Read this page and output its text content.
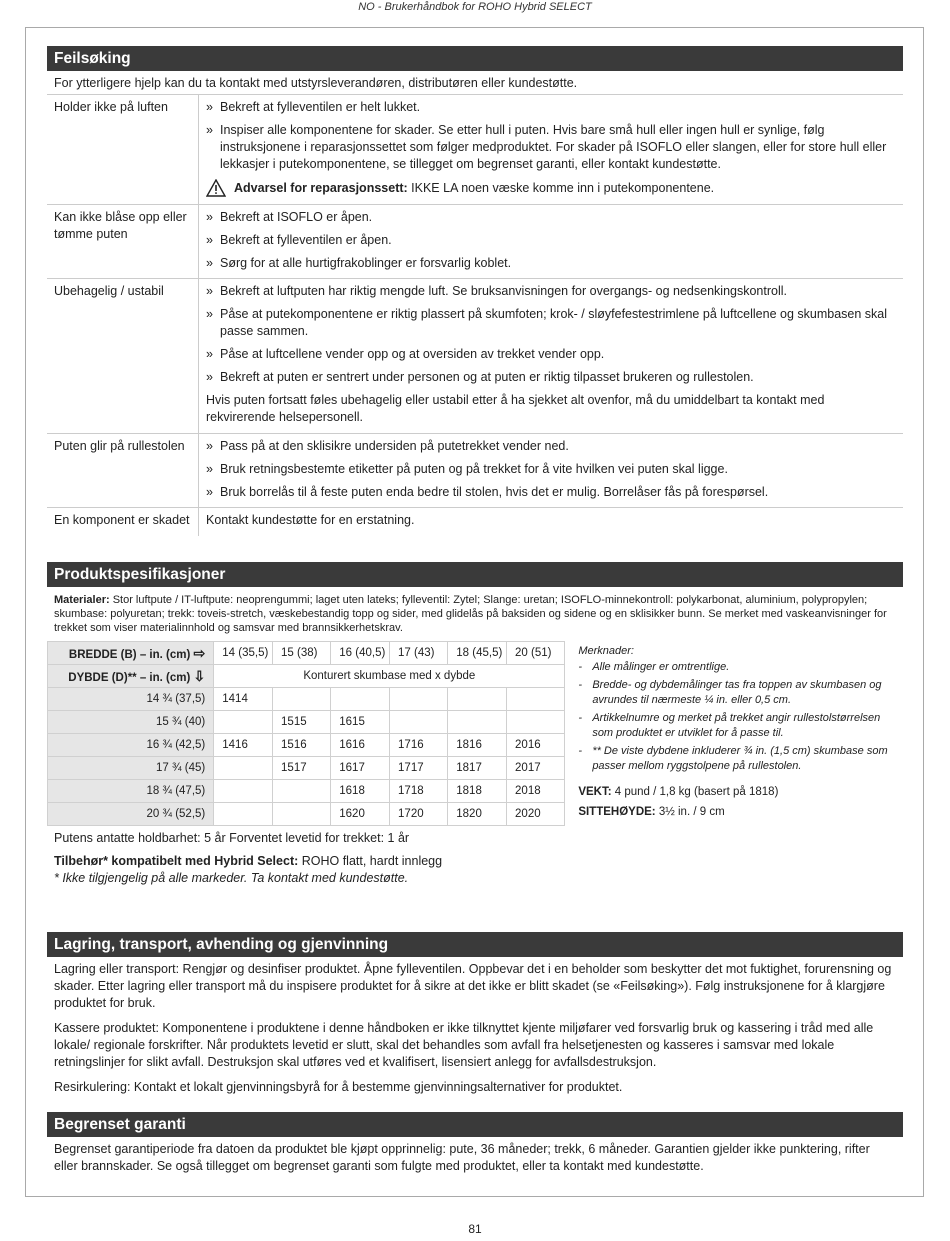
NO - Brukerhåndbok for ROHO Hybrid SELECT
Feilsøking

For ytterligere hjelp kan du ta kontakt med utstyrsleverandøren, distributøren eller kundestøtte.

Holder ikke på luften	» Bekreft at fylleventilen er helt lukket.
» Inspiser alle komponentene for skader. Se etter hull i puten. Hvis bare små hull eller ingen hull er synlige, følg instruksjonene i reparasjonssettet som følger medproduktet. For skader på ISOFLO eller slangen, eller for store hull eller lekkasjer i putekomponentene, se tillegget om begrenset garanti, eller kontakt kundestøtte.
Advarsel for reparasjonssett: IKKE LA noen væske komme inn i putekomponentene.
Kan ikke blåse opp eller tømme puten
» Bekreft at ISOFLO er åpen.
» Bekreft at fylleventilen er åpen.
» Sørg for at alle hurtigfrakoblinger er forsvarlig koblet.
Ubehagelig / ustabil	» Bekreft at luftputen har riktig mengde luft. Se bruksanvisningen for overgangs- og nedsenkingskontroll.
» Påse at putekomponentene er riktig plassert på skumfoten; krok- / sløyfefestestrimlene på luftcellene og skumbasen skal passe sammen.
» Påse at luftcellene vender opp og at oversiden av trekket vender opp.
» Bekreft at puten er sentrert under personen og at puten er riktig tilpasset brukeren og rullestolen.

Hvis puten fortsatt føles ubehagelig eller ustabil etter å ha sjekket alt ovenfor, må du umiddelbart ta kontakt med rekvirerende helsepersonell.

Puten glir på rullestolen	» Pass på at den sklisikre undersiden på putetrekket vender ned.
» Bruk retningsbestemte etiketter på puten og på trekket for å vite hvilken vei puten skal ligge.
» Bruk borrelås til å feste puten enda bedre til stolen, hvis det er mulig. Borrelåser fås på forespørsel.
En komponent er skadet	Kontakt kundestøtte for en erstatning.

Produktspesifikasjoner

Materialer: Stor luftpute / IT-luftpute: neoprengummi; laget uten lateks; fylleventil: Zytel; Slange: uretan; ISOFLO-minnekontroll: polykarbonat, aluminium, polypropylen; skumbase: polyuretan; trekk: toveis-stretch, væskebestandig topp og sider, med glidelås på baksiden og sidene og en sklisikker bunn. Se merket med vaskeanvisninger for trekket som viser materialinnhold og samsvar med brannsikkerhetskrav.

BREDDE (B) – in. (cm) ⇨	14 (35,5)	15 (38)	16 (40,5)	17 (43)	18 (45,5)	20 (51)
DYBDE (D)** – in. (cm) ⇩	Konturert skumbase med x dybde					
14 ¾ (37,5)	1414					
15 ¾ (40)		1515	1615			
16 ¾ (42,5)	1416	1516	1616	1716	1816	2016
17 ¾ (45)		1517	1617	1717	1817	2017
18 ¾ (47,5)			1618	1718	1818	2018
20 ¾ (52,5)			1620	1720	1820	2020
Merknader:
- Alle målinger er omtrentlige.
- Bredde- og dybdemålinger tas fra toppen av skumbasen og avrundes til nærmeste ¼ in. eller 0,5 cm.
- Artikkelnumre og merket på trekket angir rullestolstørrelsen som produktet er utviklet for å passe til.
- ** De viste dybdene inkluderer ¾ in. (1,5 cm) skumbase som passer mellom ryggstolpene på rullestolen.
VEKT: 4 pund / 1,8 kg (basert på 1818)
SITTEHØYDE: 3½ in. / 9 cm

Putens antatte holdbarhet: 5 år Forventet levetid for trekket: 1 år

Tilbehør* kompatibelt med Hybrid Select: ROHO flatt, hardt innlegg

* Ikke tilgjengelig på alle markeder. Ta kontakt med kundestøtte.

Lagring, transport, avhending og gjenvinning

Lagring eller transport: Rengjør og desinfiser produktet. Åpne fylleventilen. Oppbevar det i en beholder som beskytter det mot fuktighet, forurensning og skader. Etter lagring eller transport må du inspisere produktet for å sikre at det ikke er blitt skadet (se «Feilsøking»). Følg instruksjonene for å klargjøre produktet for bruk.

Kassere produktet: Komponentene i produktene i denne håndboken er ikke tilknyttet kjente miljøfarer ved forsvarlig bruk og kassering i tråd med alle lokale/ regionale forskrifter. Når produktets levetid er slutt, skal det behandles som avfall fra helsetjenesten og kasseres i samsvar med lokale retningslinjer for slikt avfall. Destruksjon skal utføres ved et kvalifisert, lisensiert anlegg for avfallsdestruksjon.

Resirkulering: Kontakt et lokalt gjenvinningsbyrå for å bestemme gjenvinningsalternativer for produktet.

Begrenset garanti

Begrenset garantiperiode fra datoen da produktet ble kjøpt opprinnelig: pute, 36 måneder; trekk, 6 måneder. Garantien gjelder ikke punktering, rifter eller brannskader. Se også tillegget om begrenset garanti som fulgte med produktet, eller ta kontakt med kundestøtte.

81
